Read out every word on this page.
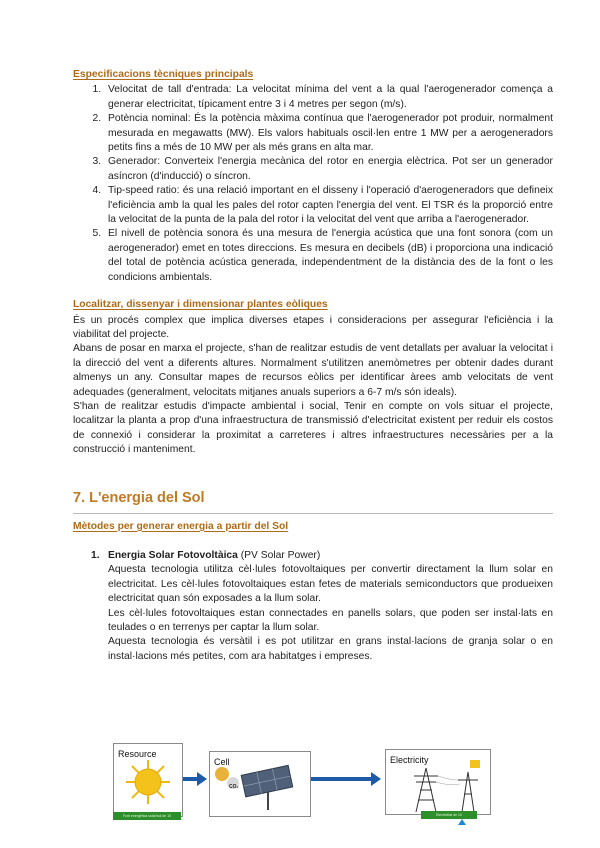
Especificacions tècniques principals
1. Velocitat de tall d'entrada: La velocitat mínima del vent a la qual l'aerogenerador comença a generar electricitat, típicament entre 3 i 4 metres per segon (m/s).
2. Potència nominal: És la potència màxima contínua que l'aerogenerador pot produir, normalment mesurada en megawatts (MW). Els valors habituals oscil·len entre 1 MW per a aerogeneradors petits fins a més de 10 MW per als més grans en alta mar.
3. Generador: Converteix l'energia mecànica del rotor en energia elèctrica. Pot ser un generador asíncron (d'inducció) o síncron.
4. Tip-speed ratio: és una relació important en el disseny i l'operació d'aerogeneradors que defineix l'eficiència amb la qual les pales del rotor capten l'energia del vent. El TSR és la proporció entre la velocitat de la punta de la pala del rotor i la velocitat del vent que arriba a l'aerogenerador.
5. El nivell de potència sonora és una mesura de l'energia acústica que una font sonora (com un aerogenerador) emet en totes direccions. Es mesura en decibels (dB) i proporciona una indicació del total de potència acústica generada, independentment de la distància des de la font o les condicions ambientals.
Localitzar, dissenyar i dimensionar plantes eòliques

És un procés complex que implica diverses etapes i consideracions per assegurar l'eficiència i la viabilitat del projecte.

Abans de posar en marxa el projecte, s'han de realitzar estudis de vent detallats per avaluar la velocitat i la direcció del vent a diferents altures. Normalment s'utilitzen anemòmetres per obtenir dades durant almenys un any. Consultar mapes de recursos eòlics per identificar àrees amb velocitats de vent adequades (generalment, velocitats mitjanes anuals superiors a 6-7 m/s són ideals).

S'han de realitzar estudis d'impacte ambiental i social, Tenir en compte on vols situar el projecte, localitzar la planta a prop d'una infraestructura de transmissió d'electricitat existent per reduir els costos de connexió i considerar la proximitat a carreteres i altres infraestructures necessàries per a la construcció i manteniment.

7. L'energia del Sol
Mètodes per generar energia a partir del Sol
1. Energia Solar Fotovoltàica (PV Solar Power)

Aquesta tecnologia utilitza cèl·lules fotovoltaiques per convertir directament la llum solar en electricitat. Les cèl·lules fotovoltaiques estan fetes de materials semiconductors que produeixen electricitat quan són exposades a la llum solar.

Les cèl·lules fotovoltaiques estan connectades en panells solars, que poden ser instal·lats en teulades o en terrenys per captar la llum solar.

Aquesta tecnologia és versàtil i es pot utilitzar en grans instal·lacions de granja solar o en instal·lacions més petites, com ara habitatges i empreses.

Resource
Font energètica solar/sol de 10
Cell
CO₂
Electricity
Electricitat de 10
